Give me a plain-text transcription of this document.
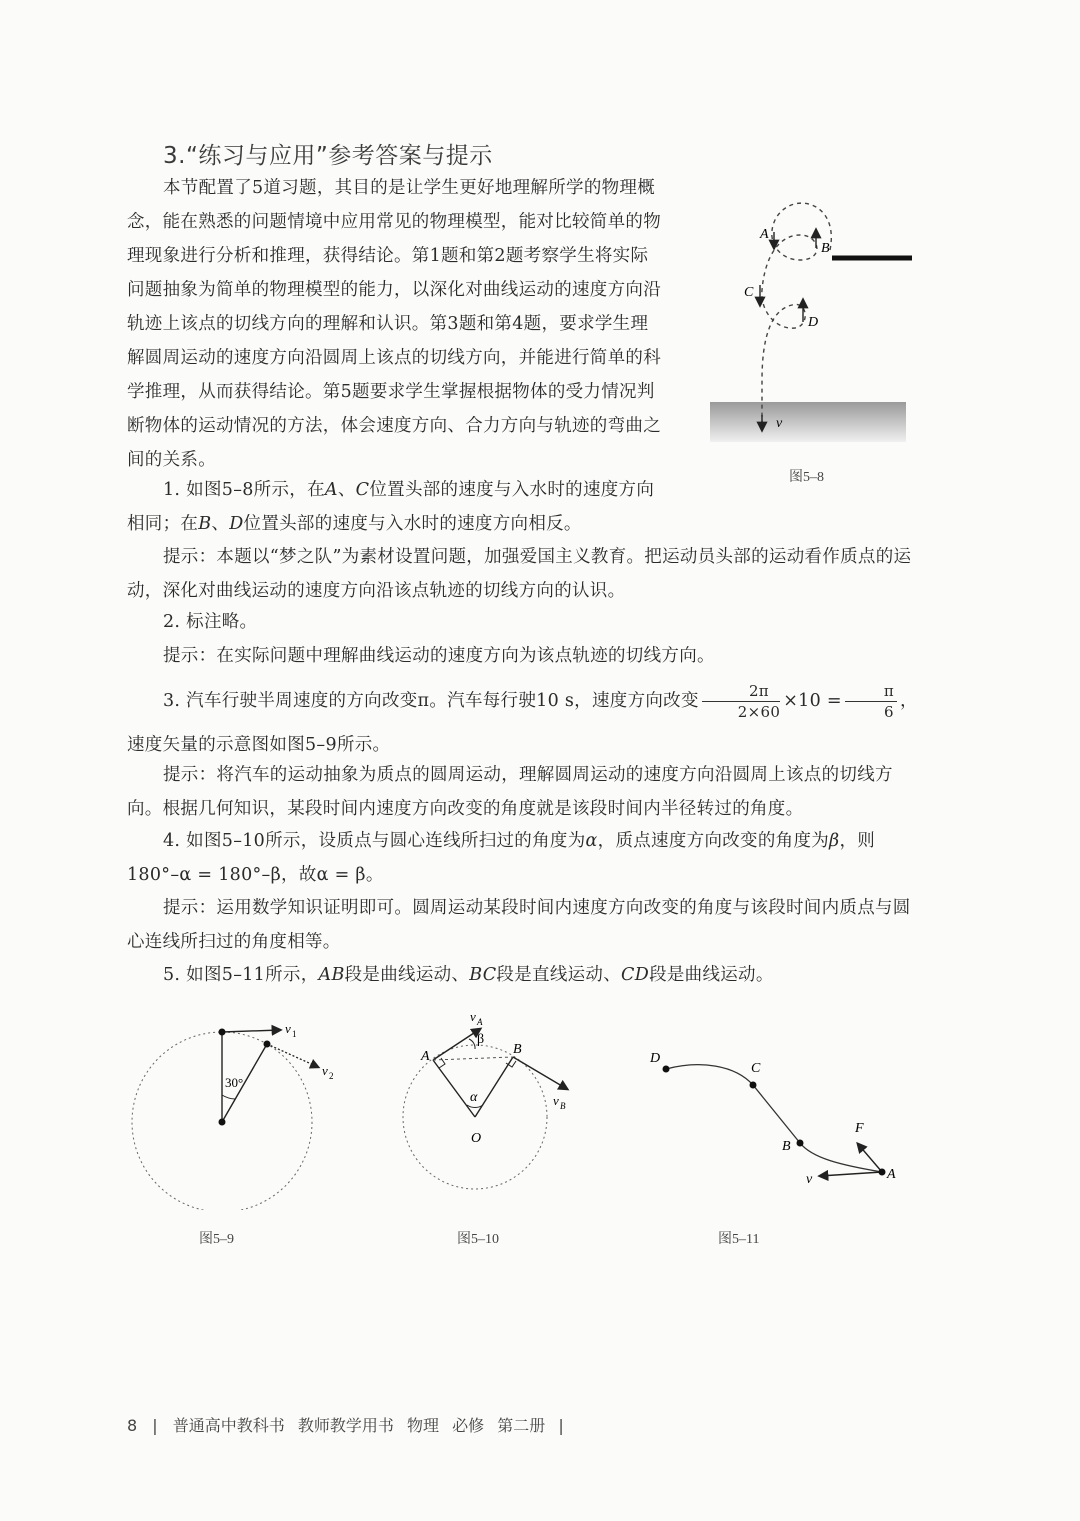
3.“练习与应用”参考答案与提示

本节配置了5道习题，其目的是让学生更好地理解所学的物理概念，能在熟悉的问题情境中应用常见的物理模型，能对比较简单的物理现象进行分析和推理，获得结论。第1题和第2题考察学生将实际问题抽象为简单的物理模型的能力，以深化对曲线运动的速度方向沿轨迹上该点的切线方向的理解和认识。第3题和第4题，要求学生理解圆周运动的速度方向沿圆周上该点的切线方向，并能进行简单的科学推理，从而获得结论。第5题要求学生掌握根据物体的受力情况判断物体的运动情况的方法，体会速度方向、合力方向与轨迹的弯曲之间的关系。

1. 如图5–8所示，在A、C位置头部的速度与入水时的速度方向相同；在B、D位置头部的速度与入水时的速度方向相反。

提示：本题以“梦之队”为素材设置问题，加强爱国主义教育。把运动员头部的运动看作质点的运动，深化对曲线运动的速度方向沿该点轨迹的切线方向的认识。

2. 标注略。

提示：在实际问题中理解曲线运动的速度方向为该点轨迹的切线方向。

3. 汽车行驶半周速度的方向改变π。汽车每行驶10 s，速度方向改变 $\frac{2\pi}{2\times 60} \times 10 = \frac{\pi}{6}$ ，速度矢量的示意图如图5–9所示。

提示：将汽车的运动抽象为质点的圆周运动，理解圆周运动的速度方向沿圆周上该点的切线方向。根据几何知识，某段时间内速度方向改变的角度就是该段时间内半径转过的角度。

4. 如图5–10所示，设质点与圆心连线所扫过的角度为α，质点速度方向改变的角度为β，则
180°–α = 180°–β，故α = β。

提示：运用数学知识证明即可。圆周运动某段时间内速度方向改变的角度与该段时间内质点与圆心连线所扫过的角度相等。

5. 如图5–11所示，AB段是曲线运动、BC段是直线运动、CD段是曲线运动。

A
B
C
D
v
图5–8
30°
v 1
v 2
图5–9
β
α
O
A	B
v A
v B
图5–10
D
C
B
A
F
v
图5–11
8 | 普通高中教科书 教师教学用书 物理 必修 第二册 |
